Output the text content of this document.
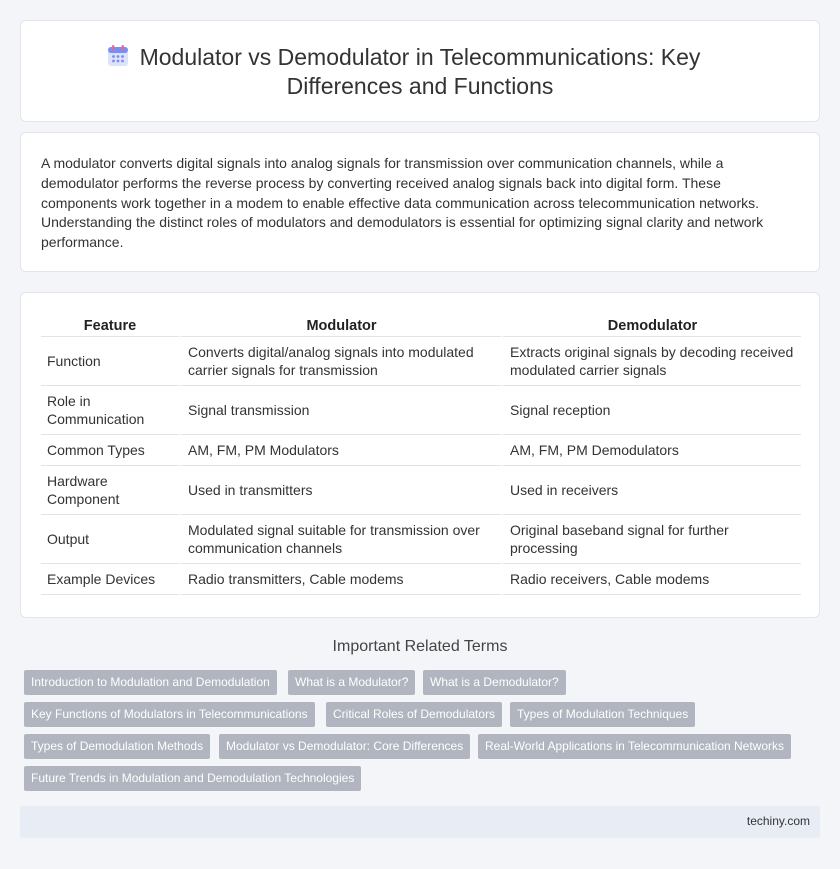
Modulator vs Demodulator in Telecommunications: Key Differences and Functions

A modulator converts digital signals into analog signals for transmission over communication channels, while a demodulator performs the reverse process by converting received analog signals back into digital form. These components work together in a modem to enable effective data communication across telecommunication networks. Understanding the distinct roles of modulators and demodulators is essential for optimizing signal clarity and network performance.

Feature	Modulator	Demodulator
Function	Converts digital/analog signals into modulated carrier signals for transmission	Extracts original signals by decoding received modulated carrier signals
Role in Communication	Signal transmission	Signal reception
Common Types	AM, FM, PM Modulators	AM, FM, PM Demodulators
Hardware Component	Used in transmitters	Used in receivers
Output	Modulated signal suitable for transmission over communication channels	Original baseband signal for further processing
Example Devices	Radio transmitters, Cable modems	Radio receivers, Cable modems
Important Related Terms
Introduction to Modulation and Demodulation	What is a Modulator?	What is a Demodulator?
Key Functions of Modulators in Telecommunications	Critical Roles of Demodulators	Types of Modulation Techniques
Types of Demodulation Methods	Modulator vs Demodulator: Core Differences	Real-World Applications in Telecommunication Networks
Future Trends in Modulation and Demodulation Technologies
techiny.com
